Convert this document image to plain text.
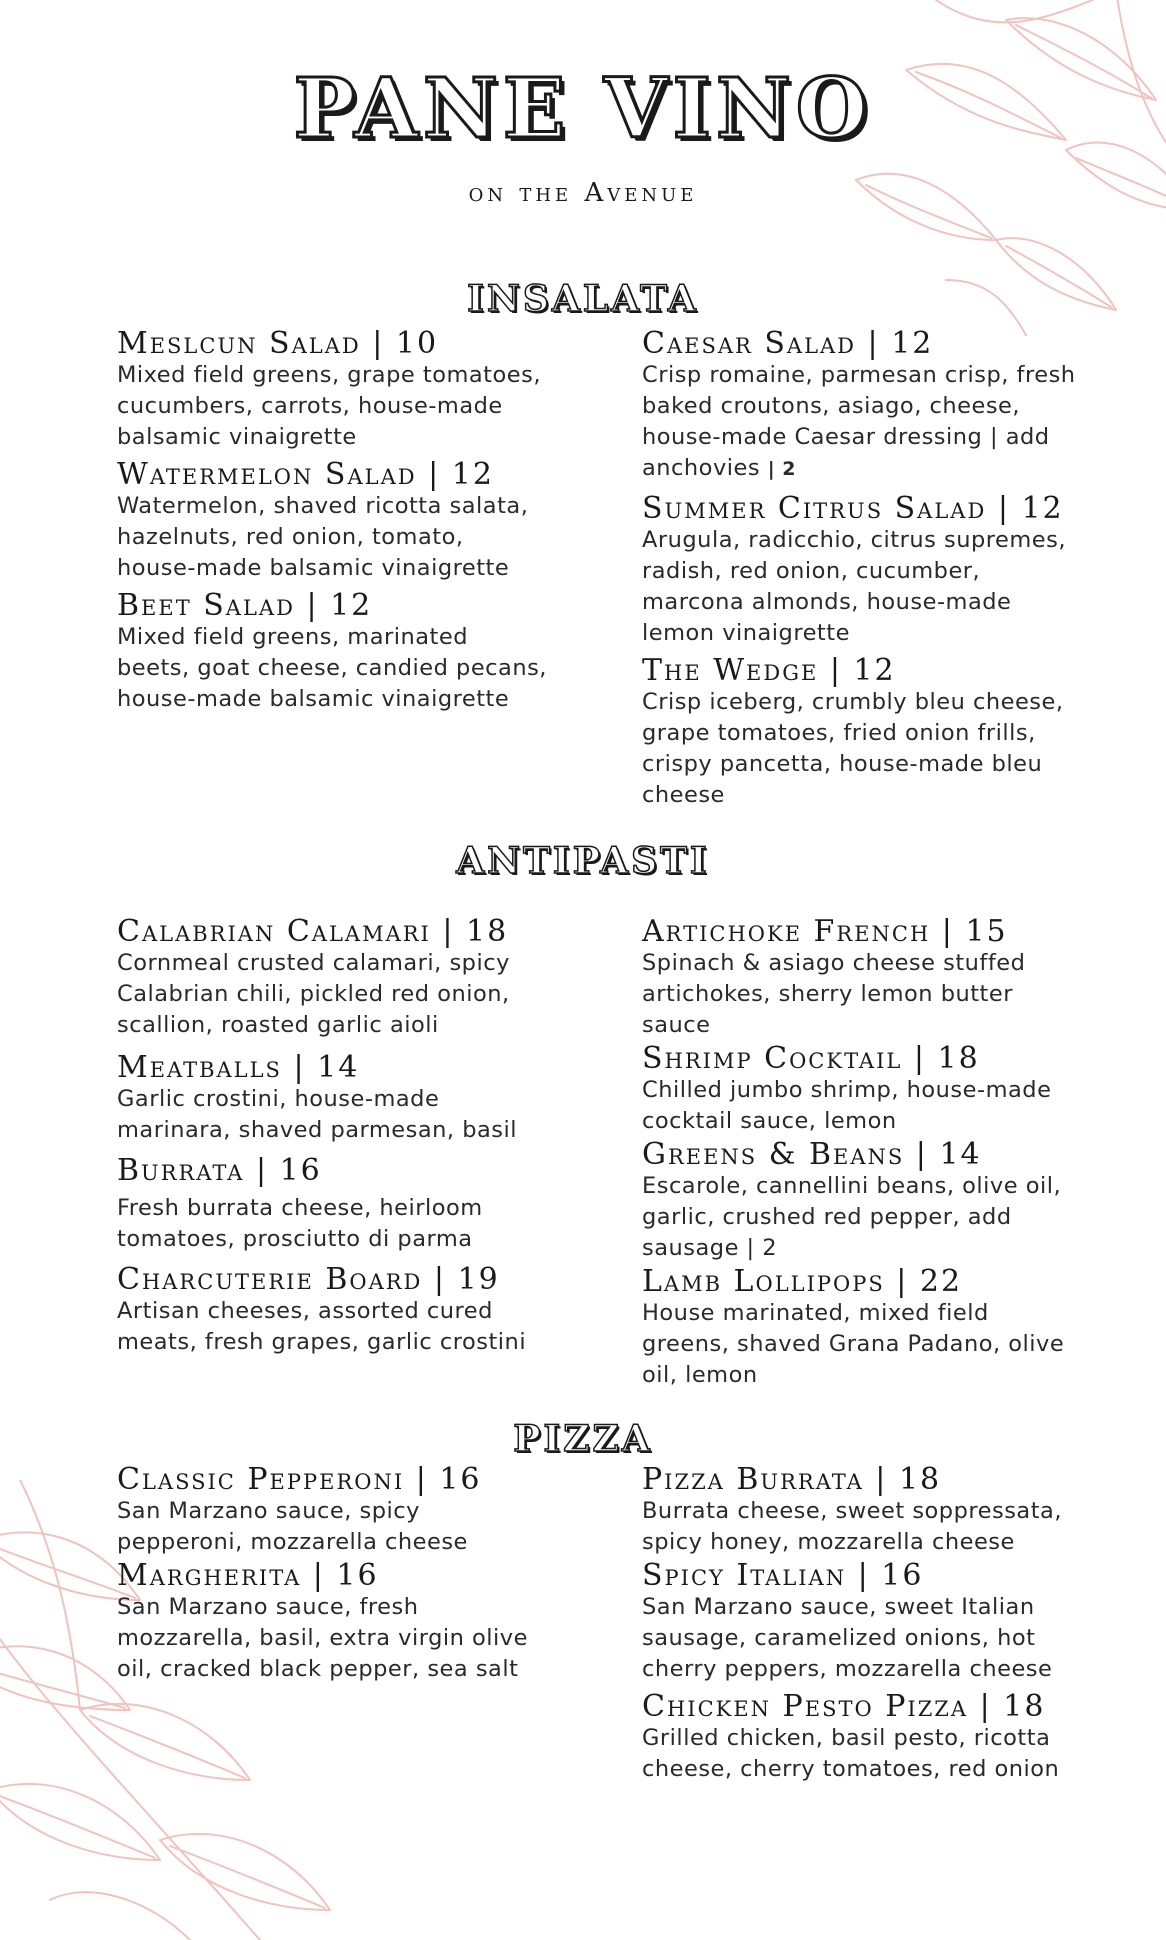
PANE VINO
on the Avenue
INSALATA
Meslcun Salad | 10
Mixed field greens, grape tomatoes, cucumbers, carrots, house-made balsamic vinaigrette
Watermelon Salad | 12
Watermelon, shaved ricotta salata, hazelnuts, red onion, tomato, house-made balsamic vinaigrette
Beet Salad | 12
Mixed field greens, marinated beets, goat cheese, candied pecans, house-made balsamic vinaigrette
Caesar Salad | 12
Crisp romaine, parmesan crisp, fresh baked croutons, asiago, cheese, house-made Caesar dressing | add anchovies | 2
Summer Citrus Salad | 12
Arugula, radicchio, citrus supremes, radish, red onion, cucumber, marcona almonds, house-made lemon vinaigrette
The Wedge | 12
Crisp iceberg, crumbly bleu cheese, grape tomatoes, fried onion frills, crispy pancetta, house-made bleu cheese
ANTIPASTI
Calabrian Calamari | 18
Cornmeal crusted calamari, spicy Calabrian chili, pickled red onion, scallion, roasted garlic aioli
Meatballs | 14
Garlic crostini, house-made marinara, shaved parmesan, basil
Burrata | 16
Fresh burrata cheese, heirloom tomatoes, prosciutto di parma
Charcuterie Board | 19
Artisan cheeses, assorted cured meats, fresh grapes, garlic crostini
Artichoke French | 15
Spinach & asiago cheese stuffed artichokes, sherry lemon butter sauce
Shrimp Cocktail | 18
Chilled jumbo shrimp, house-made cocktail sauce, lemon
Greens & Beans | 14
Escarole, cannellini beans, olive oil, garlic, crushed red pepper, add sausage | 2
Lamb Lollipops | 22
House marinated, mixed field greens, shaved Grana Padano, olive oil, lemon
PIZZA
Classic Pepperoni | 16
San Marzano sauce, spicy pepperoni, mozzarella cheese
Margherita | 16
San Marzano sauce, fresh mozzarella, basil, extra virgin olive oil, cracked black pepper, sea salt
Pizza Burrata | 18
Burrata cheese, sweet soppressata, spicy honey, mozzarella cheese
Spicy Italian | 16
San Marzano sauce, sweet Italian sausage, caramelized onions, hot cherry peppers, mozzarella cheese
Chicken Pesto Pizza | 18
Grilled chicken, basil pesto, ricotta cheese, cherry tomatoes, red onion
